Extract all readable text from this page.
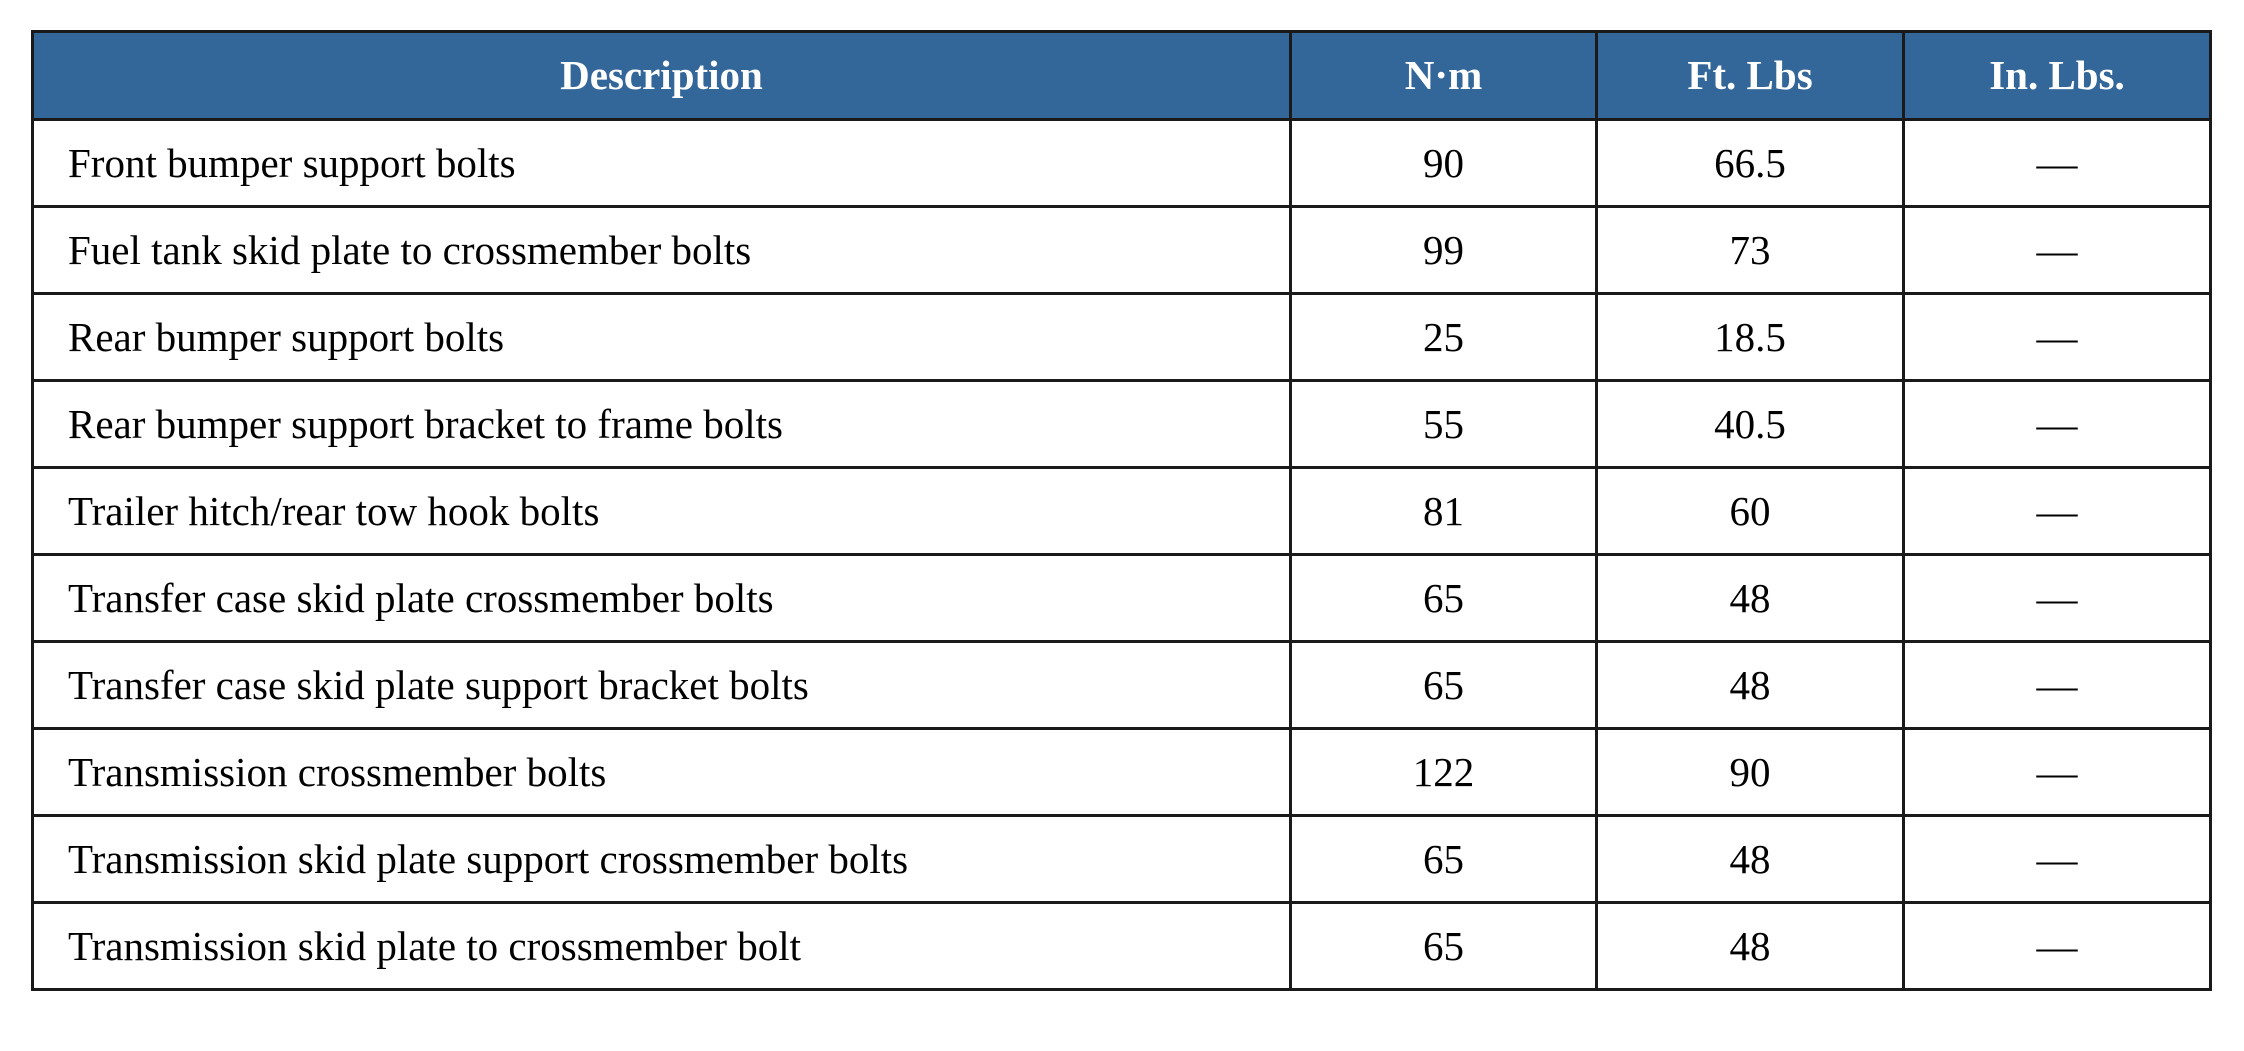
Description	N·m	Ft. Lbs	In. Lbs.
Front bumper support bolts	90	66.5	—
Fuel tank skid plate to crossmember bolts	99	73	—
Rear bumper support bolts	25	18.5	—
Rear bumper support bracket to frame bolts	55	40.5	—
Trailer hitch/rear tow hook bolts	81	60	—
Transfer case skid plate crossmember bolts	65	48	—
Transfer case skid plate support bracket bolts	65	48	—
Transmission crossmember bolts	122	90	—
Transmission skid plate support crossmember bolts	65	48	—
Transmission skid plate to crossmember bolt	65	48	—
